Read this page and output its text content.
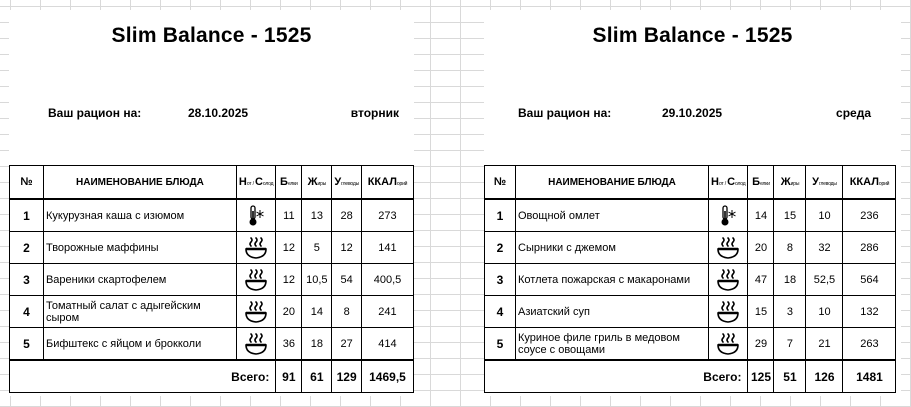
Slim Balance - 1525
Ваш рацион на:	28.10.2025	вторник
№	НАИМЕНОВАНИЕ БЛЮДА	Нот / Солод	Белки	Жиры	Углеводы	ККАЛорий
1	Кукурузная каша с изюмом		11	13	28	273
2	Творожные маффины		12	5	12	141
3	Вареники скартофелем		12	10,5	54	400,5
4	Томатный салат с адыгейским сыром		20	14	8	241
5	Бифштекс с яйцом и брокколи		36	18	27	414
Всего:			91	61	129	1469,5
Slim Balance - 1525
Ваш рацион на:	29.10.2025	среда
№	НАИМЕНОВАНИЕ БЛЮДА	Нот / Солод	Белки	Жиры	Углеводы	ККАЛорий
1	Овощной омлет		14	15	10	236
2	Сырники с джемом		20	8	32	286
3	Котлета пожарская с макаронами		47	18	52,5	564
4	Азиатский суп		15	3	10	132
5	Куриное филе гриль в медовом соусе с овощами		29	7	21	263
Всего:			125	51	126	1481
